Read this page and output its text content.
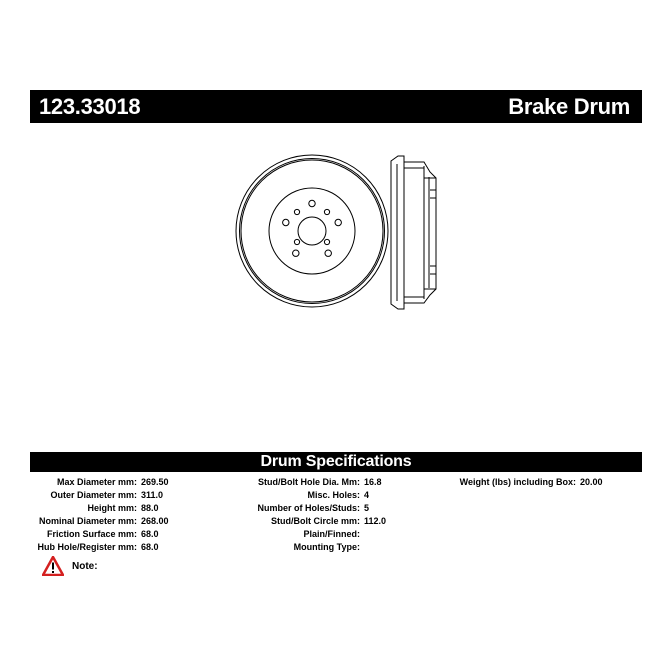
123.33018	Brake Drum
Drum Specifications
Max Diameter mm: 269.50
Outer Diameter mm: 311.0
Height mm: 88.0
Nominal Diameter mm: 268.00
Friction Surface mm: 68.0
Hub Hole/Register mm: 68.0
Stud/Bolt Hole Dia. Mm: 16.8
Misc. Holes: 4
Number of Holes/Studs: 5
Stud/Bolt Circle mm: 112.0
Plain/Finned:
Mounting Type:
Weight (lbs) including Box: 20.00
Note:
